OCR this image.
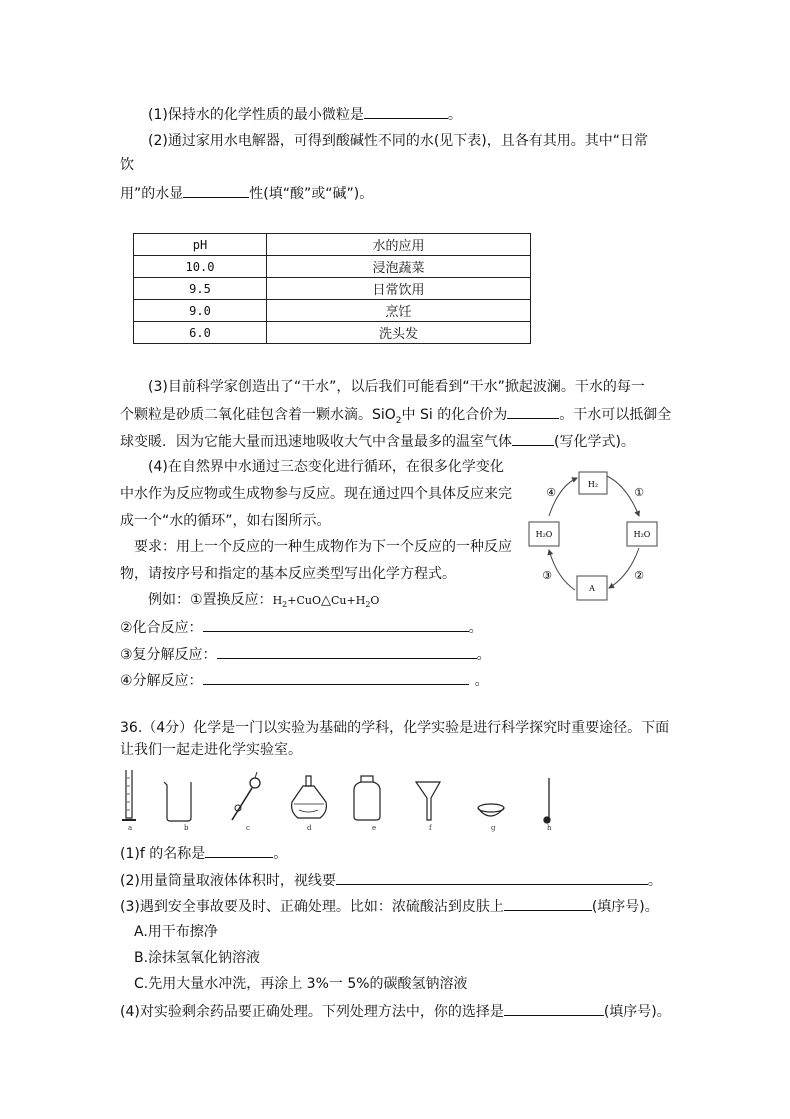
(1)保持水的化学性质的最小微粒是	。
(2)通过家用水电解器，可得到酸碱性不同的水(见下表)，且各有其用。其中“日常
饮
用”的水显	性(填“酸”或“碱”)。
pH	水的应用
10.0	浸泡蔬菜
9.5	日常饮用
9.0	烹饪
6.0	洗头发
(3)目前科学家创造出了“干水”，以后我们可能看到“干水”掀起波澜。干水的每一
个颗粒是砂质二氧化硅包含着一颗水滴。SiO$_2$中 Si 的化合价为	。干水可以抵御全
球变暖．因为它能大量而迅速地吸收大气中含量最多的温室气体	(写化学式)。
(4)在自然界中水通过三态变化进行循环，在很多化学变化
中水作为反应物或生成物参与反应。现在通过四个具体反应来完
成一个“水的循环”，如右图所示。
要求：用上一个反应的一种生成物作为下一个反应的一种反应
物，请按序号和指定的基本反应类型写出化学方程式。
例如：①置换反应：$H_2+CuO\triangle Cu+H_2O$
②化合反应：	。
③复分解反应：	。
④分解反应：	。
H₂
H₂O	H₂O
A
①
②
③
④
36.（4分）化学是一门以实验为基础的学科，化学实验是进行科学探究时重要途径。下面
让我们一起走进化学实验室。
a	b	c	d	e	f	g	h
(1)f 的名称是	。
(2)用量筒量取液体体积时，视线要	。
(3)遇到安全事故要及时、正确处理。比如：浓硫酸沾到皮肤上	(填序号)。
A.用干布擦净
B.涂抹氢氧化钠溶液
C.先用大量水冲洗，再涂上 3%一 5%的碳酸氢钠溶液
(4)对实验剩余药品要正确处理。下列处理方法中，你的选择是	(填序号)。
